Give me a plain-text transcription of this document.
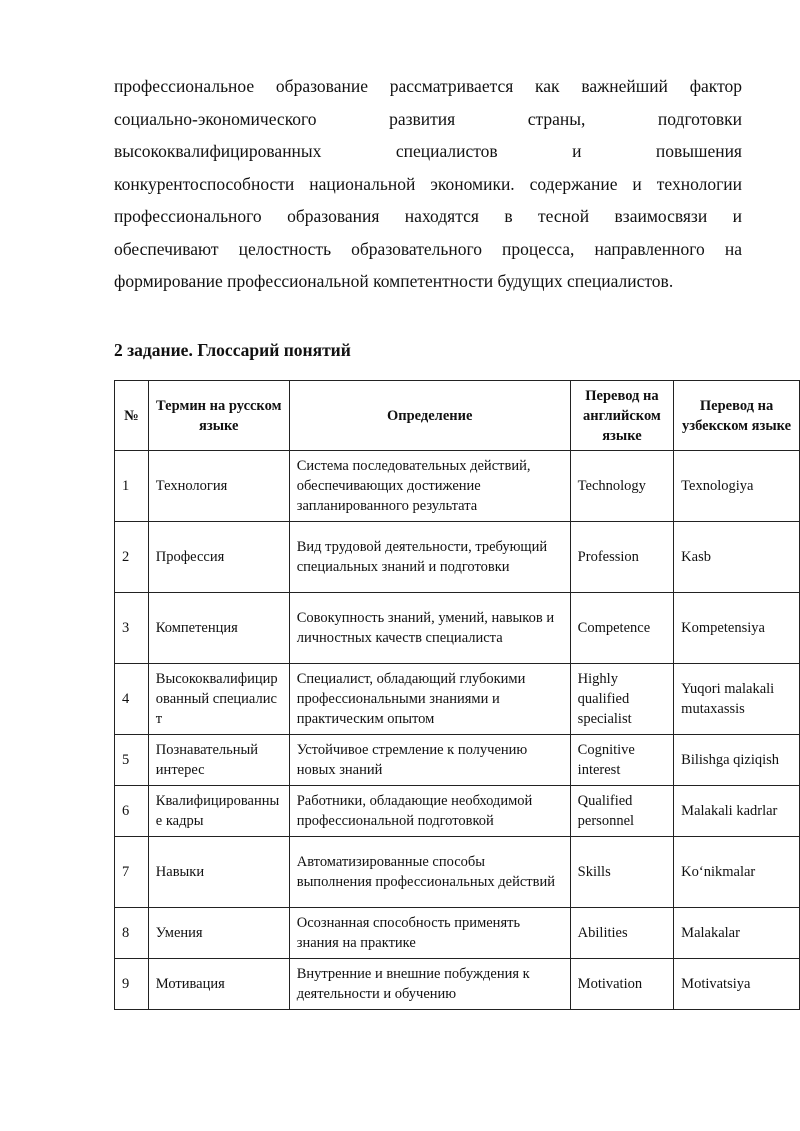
профессиональное образование рассматривается как важнейший фактор
социально-экономического развития страны, подготовки
высококвалифицированных специалистов и повышения
конкурентоспособности национальной экономики. содержание и технологии
профессионального образования находятся в тесной взаимосвязи и
обеспечивают целостность образовательного процесса, направленного на
формирование профессиональной компетентности будущих специалистов.
2 задание. Глоссарий понятий
№	Термин на русском языке	Определение	Перевод на английском языке	Перевод на узбекском языке
1	Технология	Система последовательных действий, обеспечивающих достижение запланированного результата	Technology	Texnologiya
2	Профессия	Вид трудовой деятельности, требующий специальных знаний и подготовки	Profession	Kasb
3	Компетенция	Совокупность знаний, умений, навыков и личностных качеств специалиста	Competence	Kompetensiya
4	Высококвалифицированный специалист	Специалист, обладающий глубокими профессиональными знаниями и практическим опытом	Highly qualified specialist	Yuqori malakali mutaxassis
5	Познавательный интерес	Устойчивое стремление к получению новых знаний	Cognitive interest	Bilishga qiziqish
6	Квалифицированные кадры	Работники, обладающие необходимой профессиональной подготовкой	Qualified personnel	Malakali kadrlar
7	Навыки	Автоматизированные способы выполнения профессиональных действий	Skills	Koʻnikmalar
8	Умения	Осознанная способность применять знания на практике	Abilities	Malakalar
9	Мотивация	Внутренние и внешние побуждения к деятельности и обучению	Motivation	Motivatsiya
